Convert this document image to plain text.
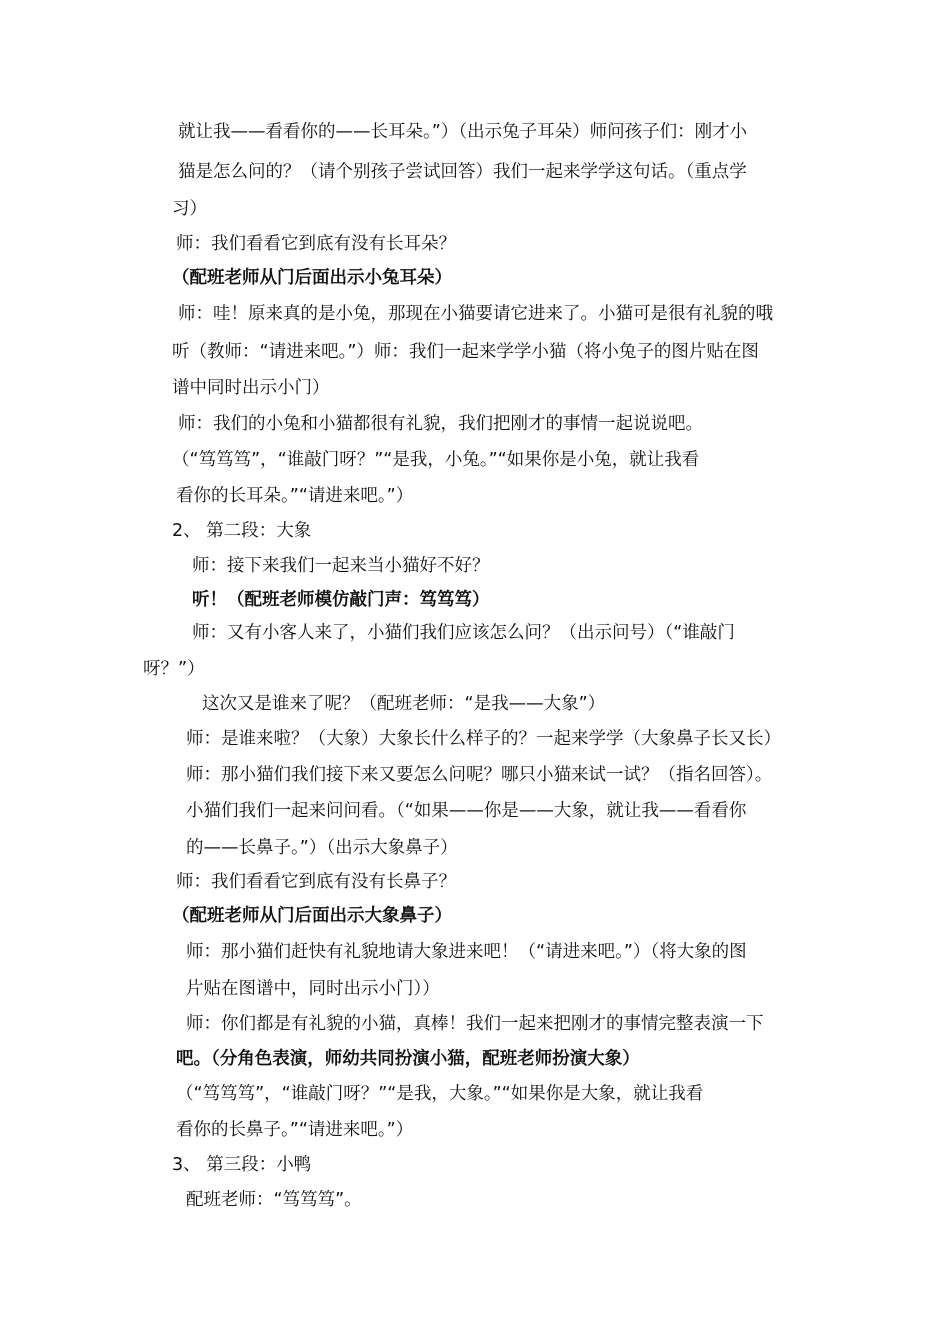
就让我——看看你的——长耳朵。”）（出示兔子耳朵）师问孩子们：刚才小
猫是怎么问的？（请个别孩子尝试回答）我们一起来学学这句话。（重点学
习）
师：我们看看它到底有没有长耳朵？
（配班老师从门后面出示小兔耳朵）
师：哇！原来真的是小兔，那现在小猫要请它进来了。小猫可是很有礼貌的哦
听（教师：“请进来吧。”）师：我们一起来学学小猫（将小兔子的图片贴在图
谱中同时出示小门）
师：我们的小兔和小猫都很有礼貌，我们把刚才的事情一起说说吧。
（“笃笃笃”，“谁敲门呀？”“是我，小兔。”“如果你是小兔，就让我看
看你的长耳朵。”“请进来吧。”）
2、 第二段：大象
师：接下来我们一起来当小猫好不好？
听！（配班老师模仿敲门声：笃笃笃）
师：又有小客人来了，小猫们我们应该怎么问？（出示问号）（“谁敲门
呀？”）
这次又是谁来了呢？（配班老师：“是我——大象”）
师：是谁来啦？（大象）大象长什么样子的？一起来学学（大象鼻子长又长）
师：那小猫们我们接下来又要怎么问呢？哪只小猫来试一试？（指名回答）。
小猫们我们一起来问问看。（“如果——你是——大象，就让我——看看你
的——长鼻子。”）（出示大象鼻子）
师：我们看看它到底有没有长鼻子？
（配班老师从门后面出示大象鼻子）
师：那小猫们赶快有礼貌地请大象进来吧！（“请进来吧。”）（将大象的图
片贴在图谱中，同时出示小门））
师：你们都是有礼貌的小猫，真棒！我们一起来把刚才的事情完整表演一下
吧。（分角色表演，师幼共同扮演小猫，配班老师扮演大象）
（“笃笃笃”，“谁敲门呀？”“是我，大象。”“如果你是大象，就让我看
看你的长鼻子。”“请进来吧。”）
3、 第三段：小鸭
配班老师：“笃笃笃”。
